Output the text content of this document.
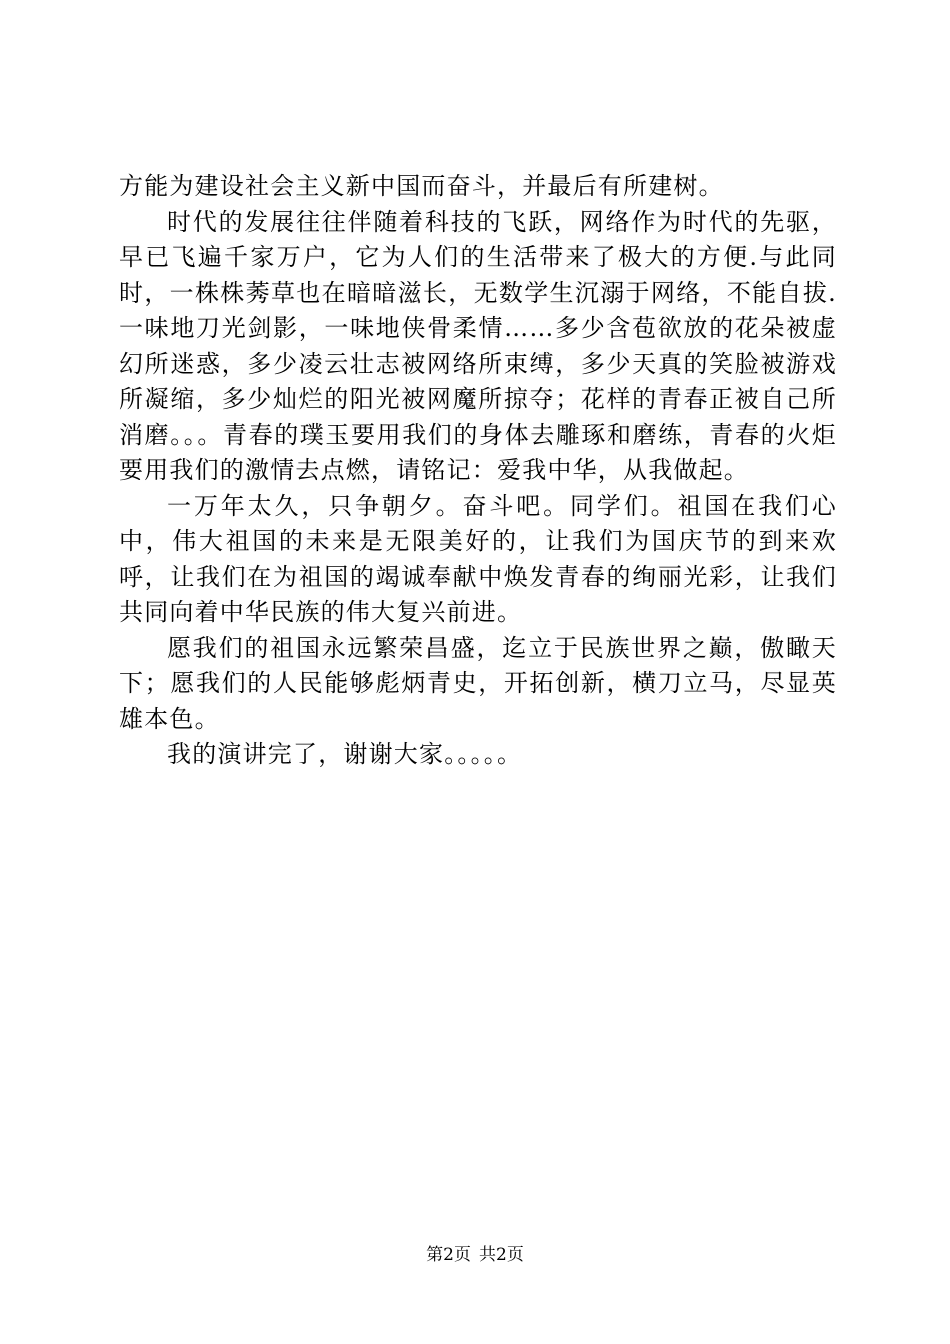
方能为建设社会主义新中国而奋斗，并最后有所建树。

时代的发展往往伴随着科技的飞跃，网络作为时代的先驱，早已飞遍千家万户，它为人们的生活带来了极大的方便.与此同时，一株株莠草也在暗暗滋长，无数学生沉溺于网络，不能自拔.一味地刀光剑影，一味地侠骨柔情……多少含苞欲放的花朵被虚幻所迷惑，多少凌云壮志被网络所束缚，多少天真的笑脸被游戏所凝缩，多少灿烂的阳光被网魔所掠夺；花样的青春正被自己所消磨。。。青春的璞玉要用我们的身体去雕琢和磨练，青春的火炬要用我们的激情去点燃，请铭记：爱我中华，从我做起。

一万年太久，只争朝夕。奋斗吧。同学们。祖国在我们心中，伟大祖国的未来是无限美好的，让我们为国庆节的到来欢呼，让我们在为祖国的竭诚奉献中焕发青春的绚丽光彩，让我们共同向着中华民族的伟大复兴前进。

愿我们的祖国永远繁荣昌盛，迄立于民族世界之巅，傲瞰天下；愿我们的人民能够彪炳青史，开拓创新，横刀立马，尽显英雄本色。

我的演讲完了，谢谢大家。。。。。

第2页 共2页
